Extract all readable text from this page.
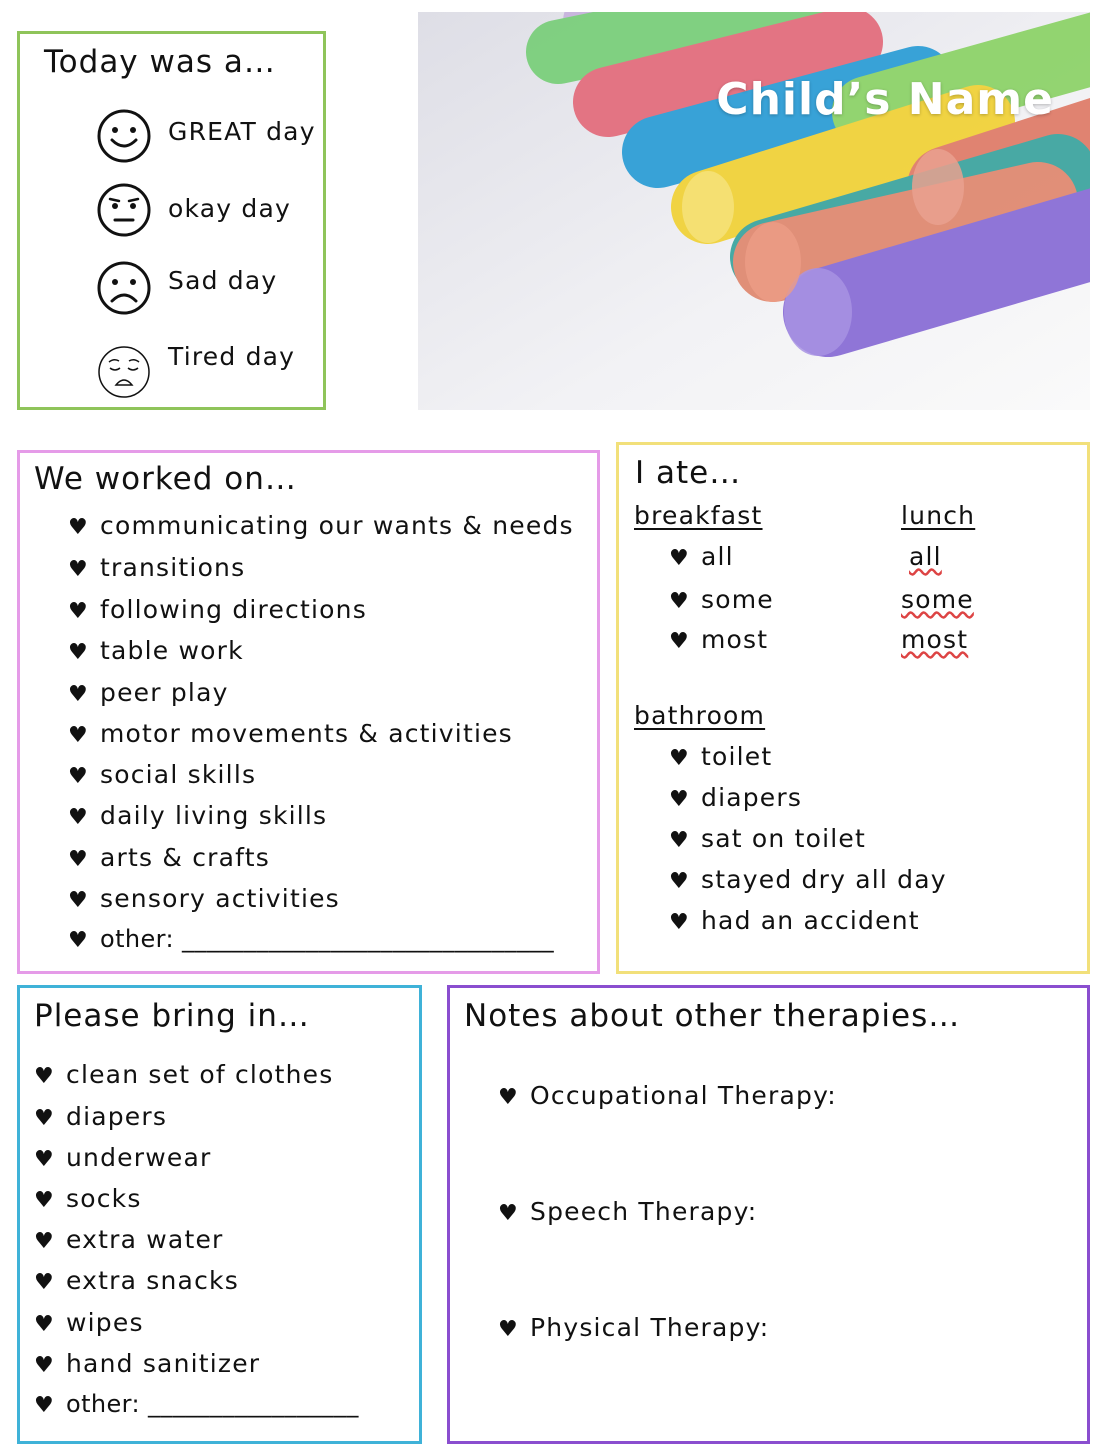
Today was a…
GREAT day
okay day
Sad day
Tired day
Child’s Name
We worked on…
♥ communicating our wants & needs
♥ transitions
♥ following directions
♥ table work
♥ peer play
♥ motor movements & activities
♥ social skills
♥ daily living skills
♥ arts & crafts
♥ sensory activities
♥ other: ______________________________
I ate…
breakfast
♥ all
♥ some
♥ most
lunch
all
some
most
bathroom
♥ toilet
♥ diapers
♥ sat on toilet
♥ stayed dry all day
♥ had an accident
Please bring in…
♥ clean set of clothes
♥ diapers
♥ underwear
♥ socks
♥ extra water
♥ extra snacks
♥ wipes
♥ hand sanitizer
♥ other: _________________
Notes about other therapies…
♥ Occupational Therapy:
♥ Speech Therapy:
♥ Physical Therapy:
